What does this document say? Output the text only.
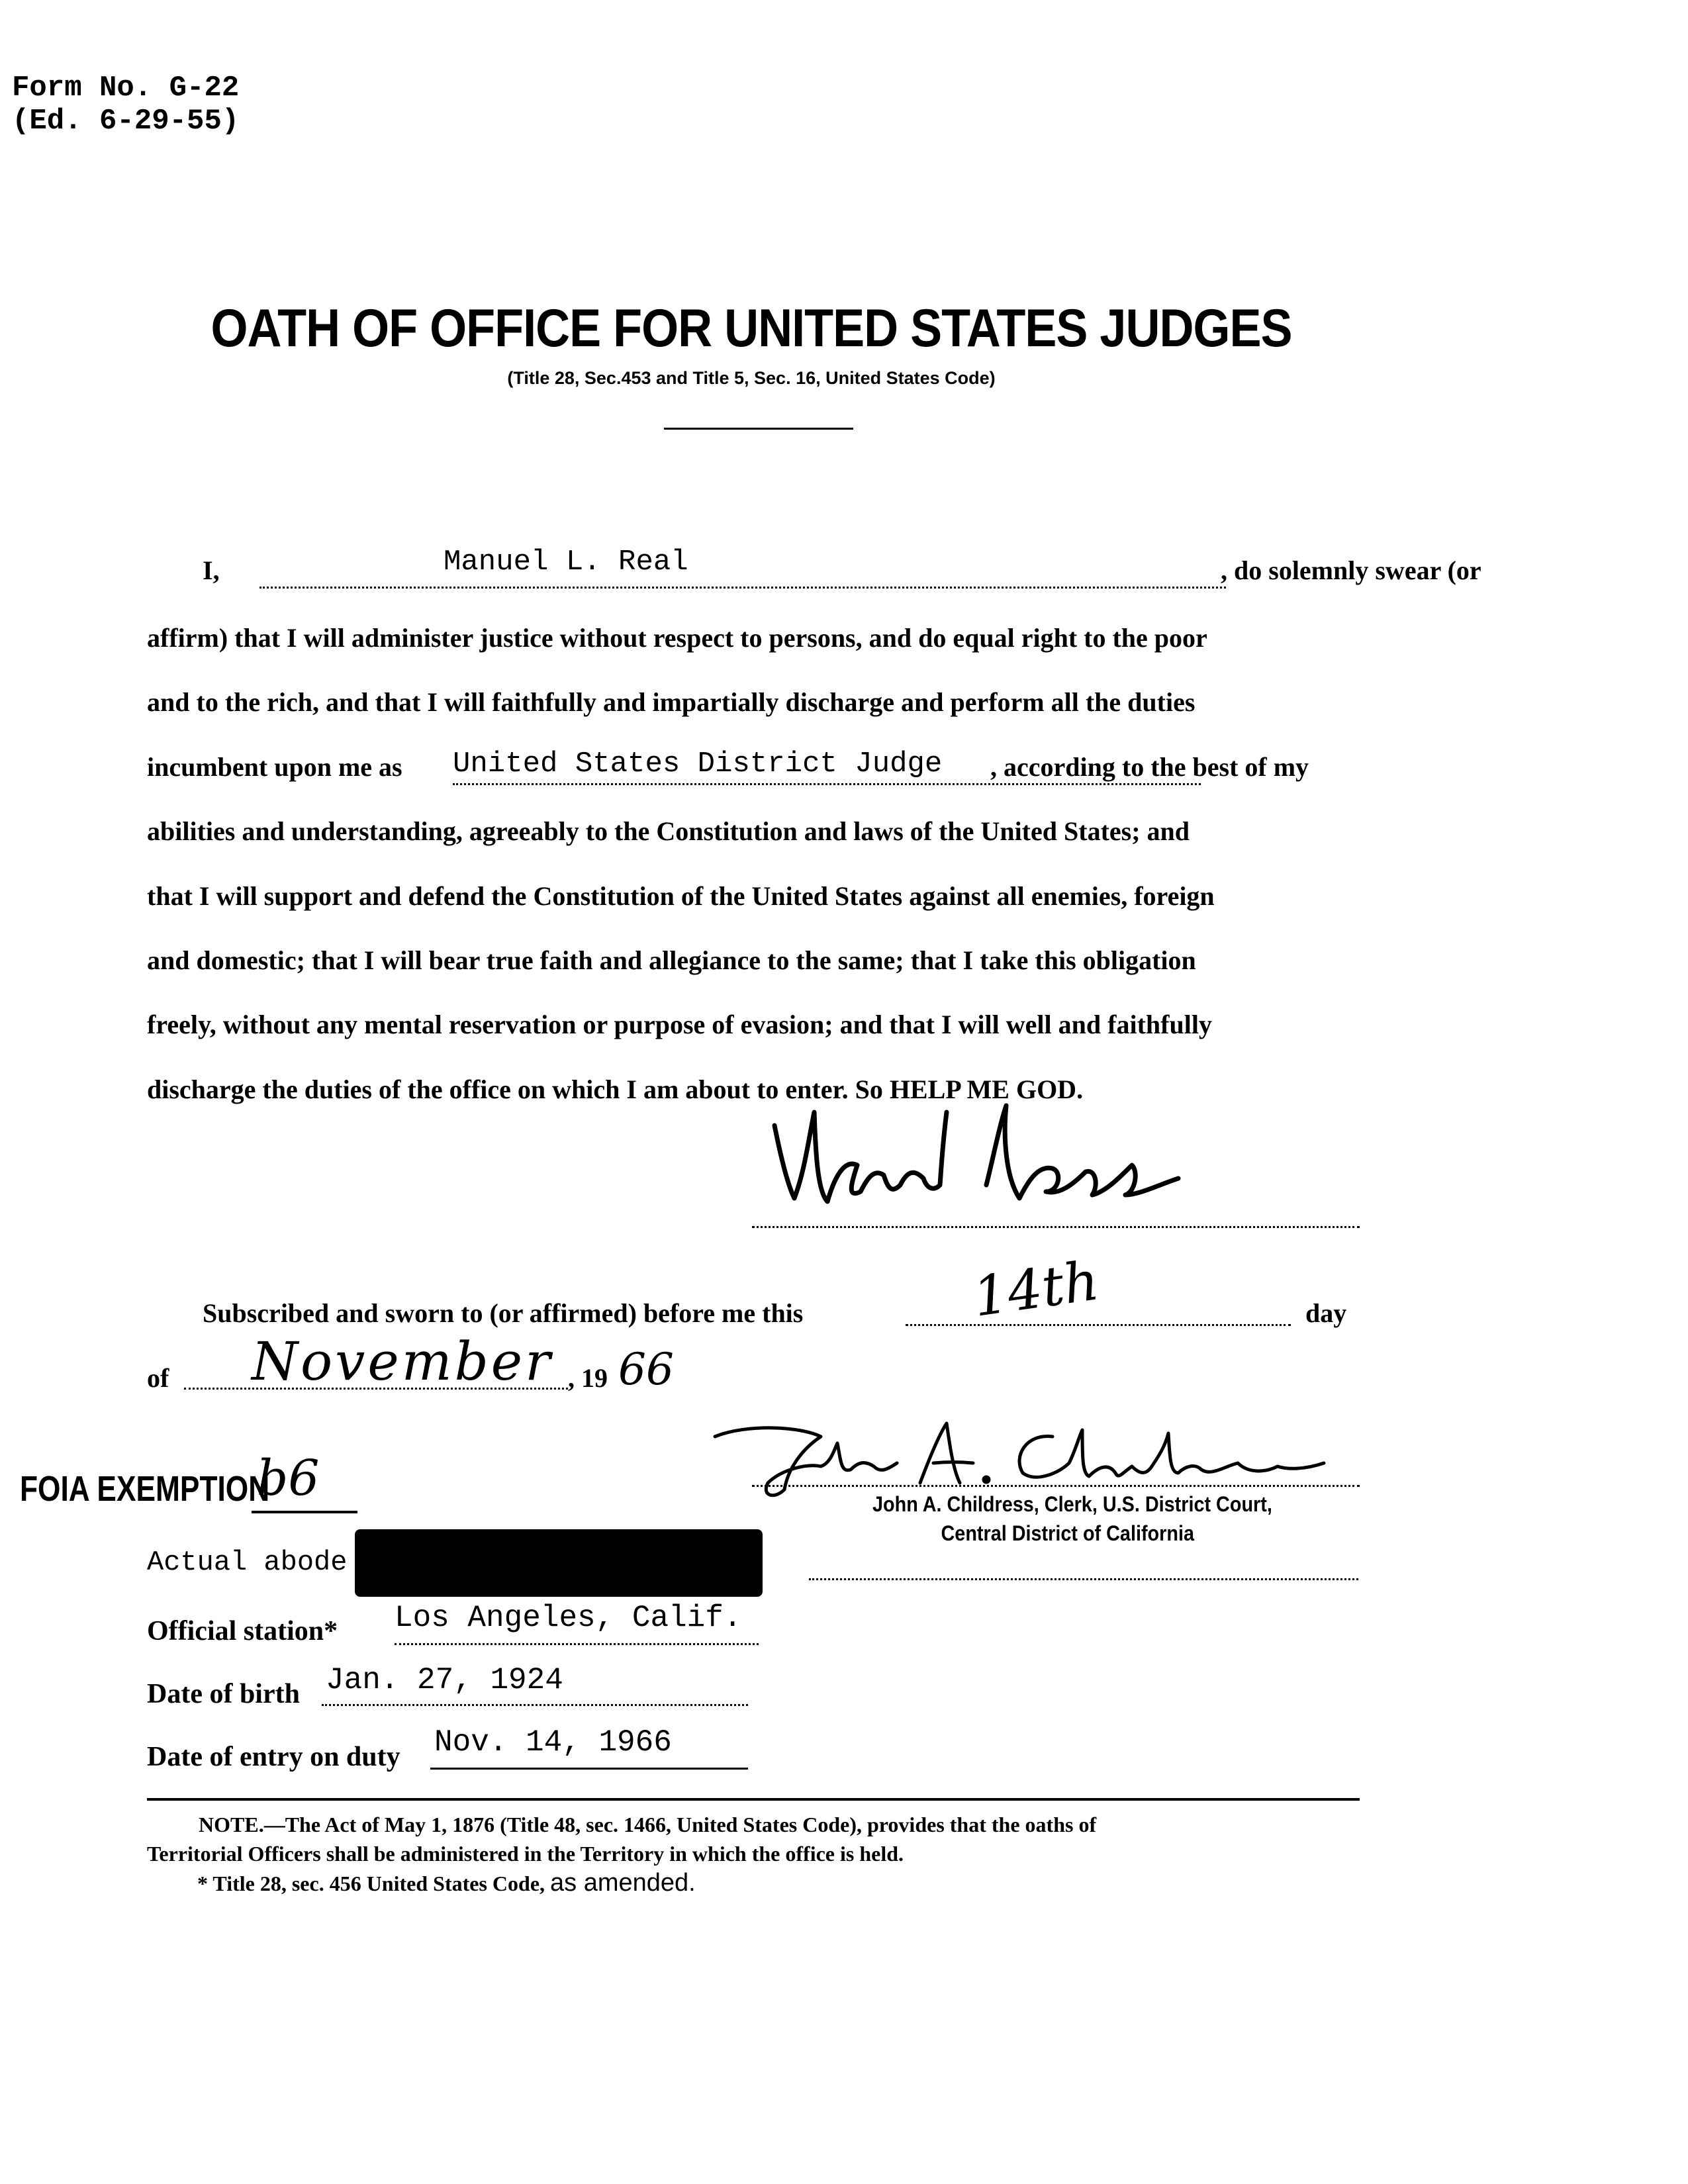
Form No. G-22
(Ed. 6-29-55)
OATH OF OFFICE FOR UNITED STATES JUDGES
(Title 28, Sec.453 and Title 5, Sec. 16, United States Code)
I,	Manuel L. Real	, do solemnly swear (or
affirm) that I will administer justice without respect to persons, and do equal right to the poor
and to the rich, and that I will faithfully and impartially discharge and perform all the duties
incumbent upon me as United States District Judge , according to the best of my
abilities and understanding, agreeably to the Constitution and laws of the United States; and
that I will support and defend the Constitution of the United States against all enemies, foreign
and domestic; that I will bear true faith and allegiance to the same; that I take this obligation
freely, without any mental reservation or purpose of evasion; and that I will well and faithfully
discharge the duties of the office on which I am about to enter. So HELP ME GOD.
Subscribed and sworn to (or affirmed) before me this	14th	day
of November , 19 66
John A. Childress, Clerk, U.S. District Court,
Central District of California
FOIA EXEMPTION
b6
Actual abode
Official station* Los Angeles, Calif.
Date of birth Jan. 27, 1924
Date of entry on duty Nov. 14, 1966
NOTE.—The Act of May 1, 1876 (Title 48, sec. 1466, United States Code), provides that the oaths of
Territorial Officers shall be administered in the Territory in which the office is held.
* Title 28, sec. 456 United States Code, as amended.
